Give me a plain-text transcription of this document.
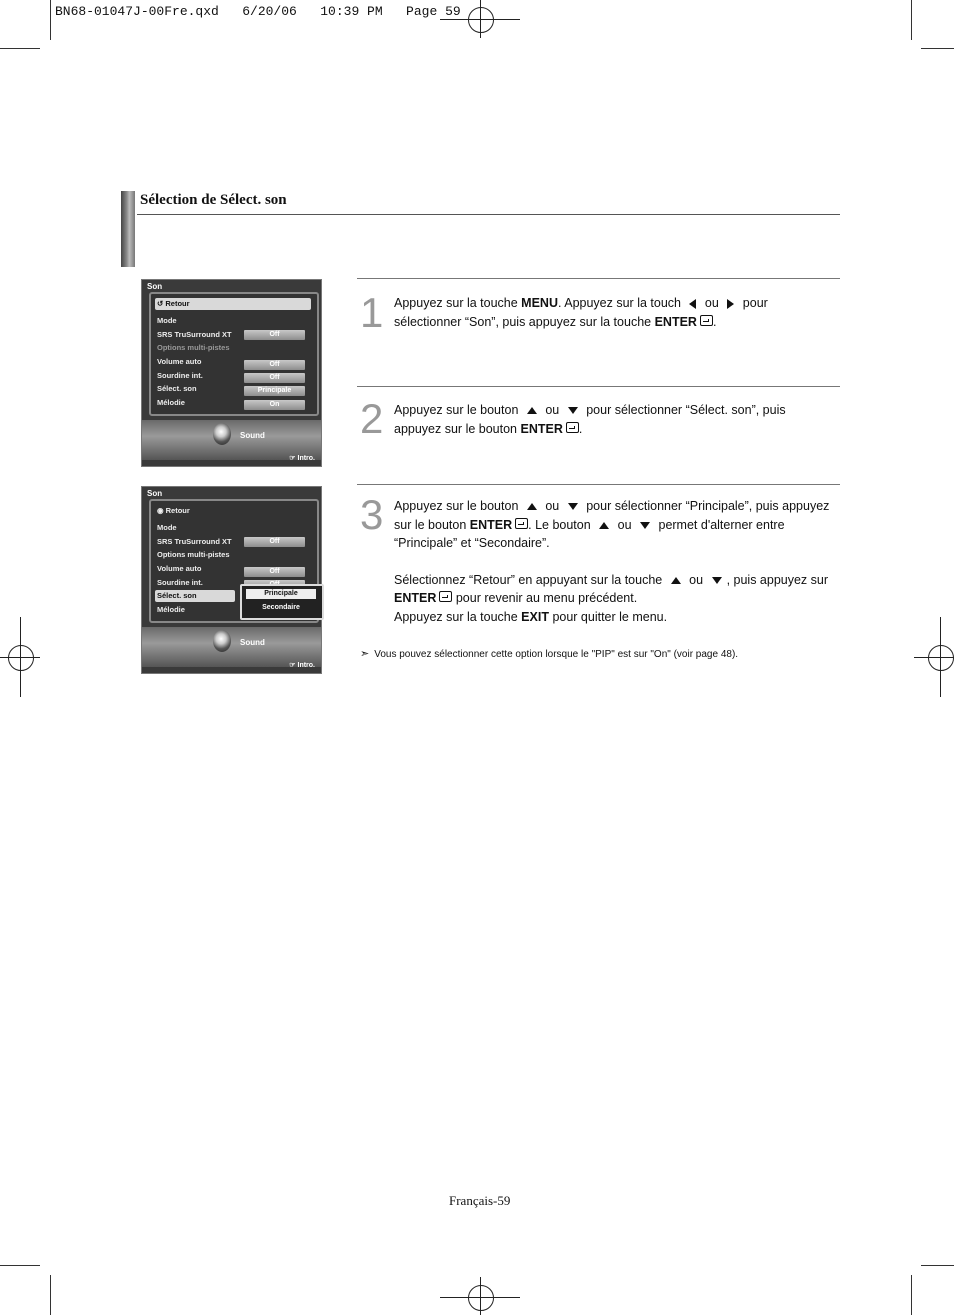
BN68-01047J-00Fre.qxd   6/20/06   10:39 PM   Page 59
Sélection de Sélect. son
Son
↺ Retour
Mode
SRS TruSurround XT	Off
Options multi-pistes
Volume auto	Off
Sourdine int.	Off
Sélect. son	Principale
Mélodie	On
Sound
☞ Intro.
Son
◉ Retour
Mode
SRS TruSurround XT	Off
Options multi-pistes
Volume auto	Off
Sourdine int.
Sélect. son
Mélodie
Principale
Secondaire
Sound
☞ Intro.
1 Appuyez sur la touche MENU. Appuyez sur la touch  ou  pour sélectionner “Son”, puis appuyez sur la touche ENTER .
2 Appuyez sur le bouton  ou  pour sélectionner “Sélect. son”, puis appuyez sur le bouton ENTER .
3 Appuyez sur le bouton  ou  pour sélectionner “Principale”, puis appuyez sur le bouton ENTER . Le bouton  ou  permet d'alterner entre “Principale” et “Secondaire”.
Sélectionnez “Retour” en appuyant sur la touche  ou , puis appuyez sur ENTER pour revenir au menu précédent.
Appuyez sur la touche EXIT pour quitter le menu.
➣ Vous pouvez sélectionner cette option lorsque le "PIP" est sur "On" (voir page 48).
Français-59
